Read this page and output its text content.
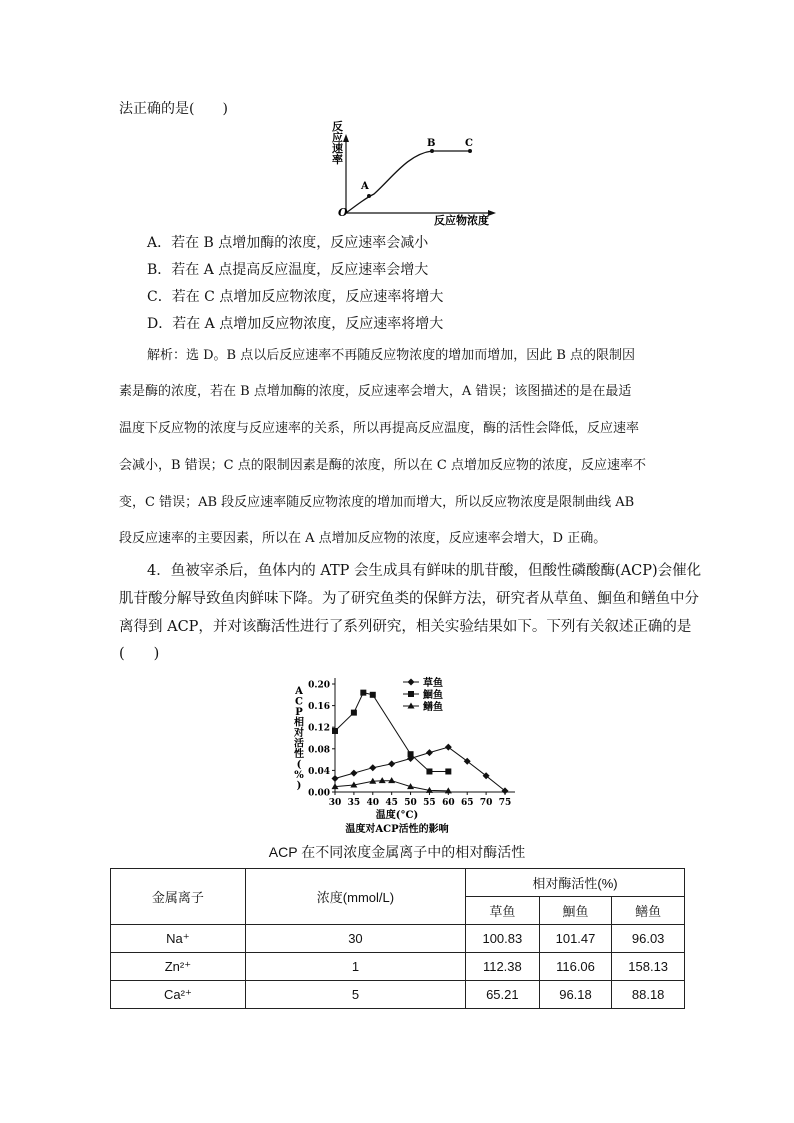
法正确的是(　　)
反
应
速
率
A
B	C
O
反应物浓度
A．若在 B 点增加酶的浓度，反应速率会减小
B．若在 A 点提高反应温度，反应速率会增大
C．若在 C 点增加反应物浓度，反应速率将增大
D．若在 A 点增加反应物浓度，反应速率将增大
解析：选 D。B 点以后反应速率不再随反应物浓度的增加而增加，因此 B 点的限制因
素是酶的浓度，若在 B 点增加酶的浓度，反应速率会增大，A 错误；该图描述的是在最适
温度下反应物的浓度与反应速率的关系，所以再提高反应温度，酶的活性会降低，反应速率
会减小，B 错误；C 点的限制因素是酶的浓度，所以在 C 点增加反应物的浓度，反应速率不
变，C 错误；AB 段反应速率随反应物浓度的增加而增大，所以反应物浓度是限制曲线 AB
段反应速率的主要因素，所以在 A 点增加反应物的浓度，反应速率会增大，D 正确。
4．鱼被宰杀后，鱼体内的 ATP 会生成具有鲜味的肌苷酸，但酸性磷酸酶(ACP)会催化
肌苷酸分解导致鱼肉鲜味下降。为了研究鱼类的保鲜方法，研究者从草鱼、鮰鱼和鳝鱼中分
离得到 ACP，并对该酶活性进行了系列研究，相关实验结果如下。下列有关叙述正确的是
(　　)
A
C
P
相
对
活
性
(
%
)
0.00
0.04
0.08
0.12
0.16
0.20
30 35 40 45 50 55 60 65 70 75
草鱼
鮰鱼
鳝鱼
温度(°C)
温度对ACP活性的影响
ACP 在不同浓度金属离子中的相对酶活性
金属离子	浓度(mmol/L)	相对酶活性(%)		
		草鱼	鮰鱼	鳝鱼
Na⁺	30	100.83	101.47	96.03
Zn²⁺	1	112.38	116.06	158.13
Ca²⁺	5	65.21	96.18	88.18
